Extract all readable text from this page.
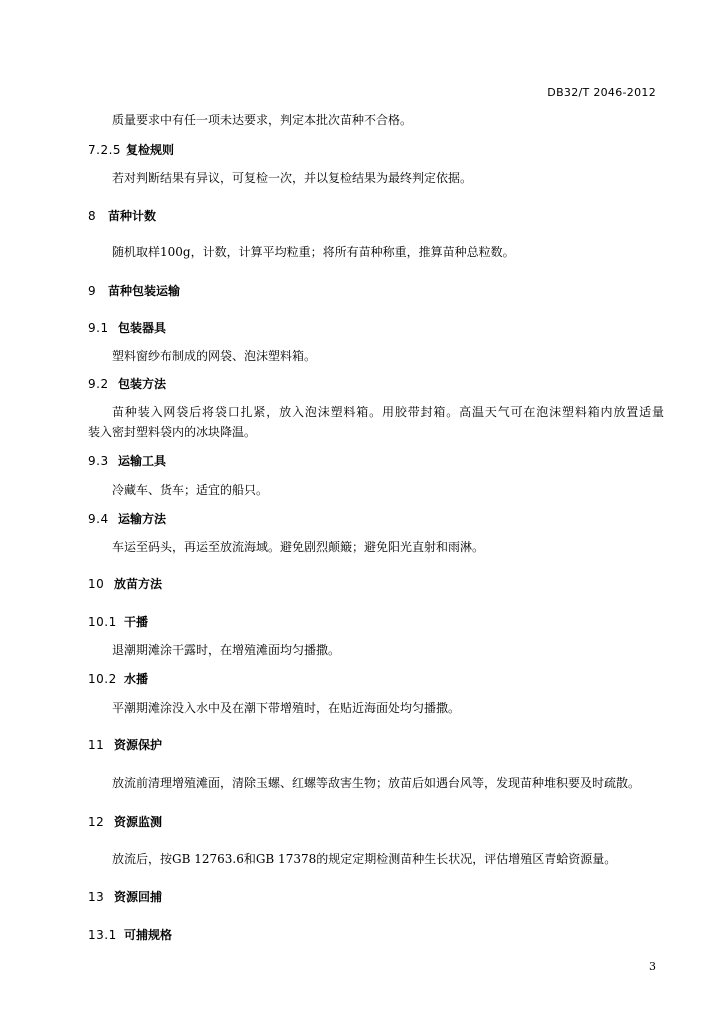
DB32/T 2046-2012
质量要求中有任一项未达要求，判定本批次苗种不合格。
7.2.5 复检规则
若对判断结果有异议，可复检一次，并以复检结果为最终判定依据。
8 苗种计数
随机取样100g，计数，计算平均粒重；将所有苗种称重，推算苗种总粒数。
9 苗种包装运输
9.1 包装器具
塑料窗纱布制成的网袋、泡沫塑料箱。
9.2 包装方法
苗种装入网袋后将袋口扎紧，放入泡沫塑料箱。用胶带封箱。高温天气可在泡沫塑料箱内放置适量
装入密封塑料袋内的冰块降温。
9.3 运输工具
冷藏车、货车；适宜的船只。
9.4 运输方法
车运至码头，再运至放流海域。避免剧烈颠簸；避免阳光直射和雨淋。
10 放苗方法
10.1 干播
退潮期滩涂干露时，在增殖滩面均匀播撒。
10.2 水播
平潮期滩涂没入水中及在潮下带增殖时，在贴近海面处均匀播撒。
11 资源保护
放流前清理增殖滩面，清除玉螺、红螺等敌害生物；放苗后如遇台风等，发现苗种堆积要及时疏散。
12 资源监测
放流后，按GB 12763.6和GB 17378的规定定期检测苗种生长状况，评估增殖区青蛤资源量。
13 资源回捕
13.1 可捕规格
3
